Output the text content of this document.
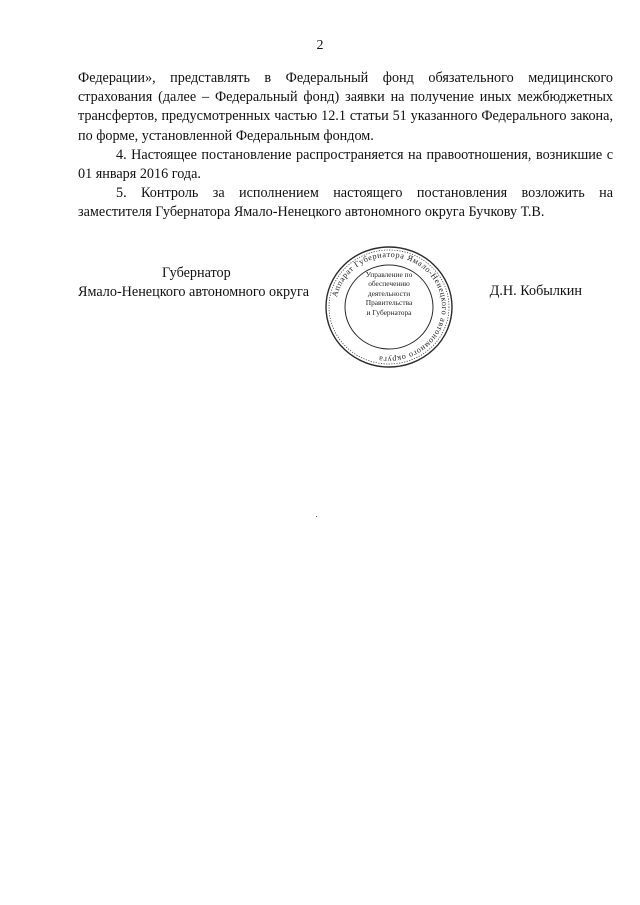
2

Федерации», представлять в Федеральный фонд обязательного медицинского страхования (далее – Федеральный фонд) заявки на получение иных межбюджетных трансфертов, предусмотренных частью 12.1 статьи 51 указанного Федерального закона, по форме, установленной Федеральным фондом.

4. Настоящее постановление распространяется на правоотношения, возникшие с 01 января 2016 года.

5. Контроль за исполнением настоящего постановления возложить на заместителя Губернатора Ямало-Ненецкого автономного округа Бучкову Т.В.

Губернатор
Ямало-Ненецкого автономного округа	Аппарат Губернатора Ямало-Ненецкого автономного округа
Управление по
обеспечению
деятельности
Правительства
и Губернатора
Д.Н. Кобылкин
